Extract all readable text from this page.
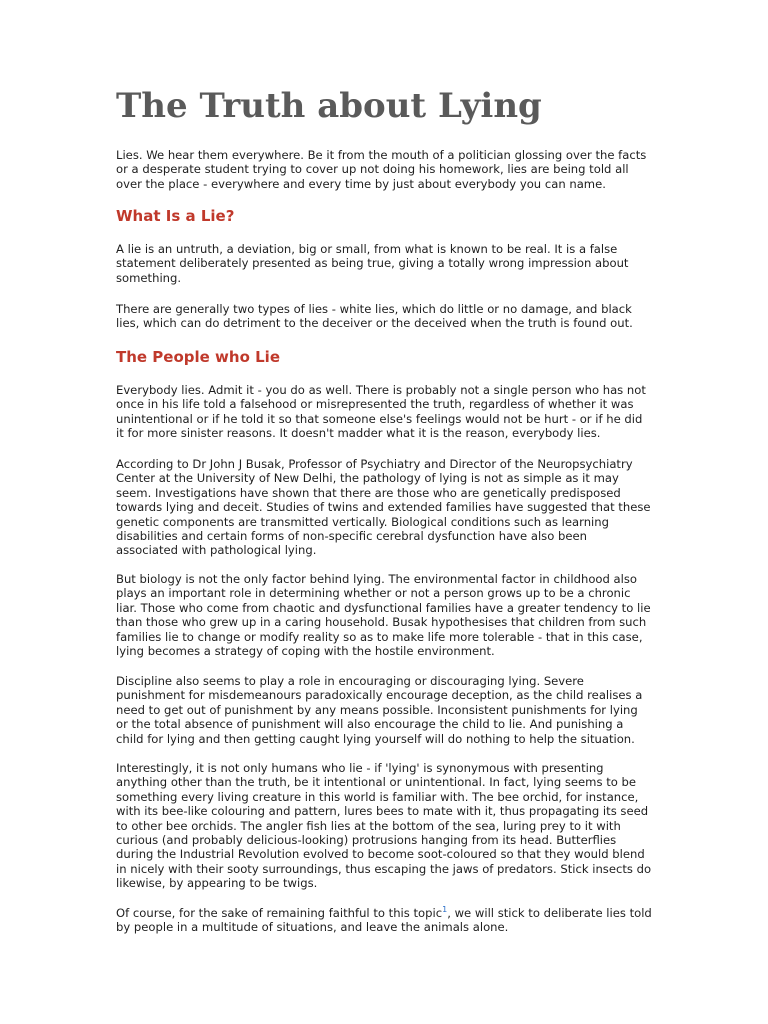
The Truth about Lying

Lies. We hear them everywhere. Be it from the mouth of a politician glossing over the facts or a desperate student trying to cover up not doing his homework, lies are being told all over the place - everywhere and every time by just about everybody you can name.

What Is a Lie?

A lie is an untruth, a deviation, big or small, from what is known to be real. It is a false statement deliberately presented as being true, giving a totally wrong impression about something.

There are generally two types of lies - white lies, which do little or no damage, and black lies, which can do detriment to the deceiver or the deceived when the truth is found out.

The People who Lie

Everybody lies. Admit it - you do as well. There is probably not a single person who has not once in his life told a falsehood or misrepresented the truth, regardless of whether it was unintentional or if he told it so that someone else's feelings would not be hurt - or if he did it for more sinister reasons. It doesn't madder what it is the reason, everybody lies.

According to Dr John J Busak, Professor of Psychiatry and Director of the Neuropsychiatry Center at the University of New Delhi, the pathology of lying is not as simple as it may seem. Investigations have shown that there are those who are genetically predisposed towards lying and deceit. Studies of twins and extended families have suggested that these genetic components are transmitted vertically. Biological conditions such as learning disabilities and certain forms of non-specific cerebral dysfunction have also been associated with pathological lying.

But biology is not the only factor behind lying. The environmental factor in childhood also plays an important role in determining whether or not a person grows up to be a chronic liar. Those who come from chaotic and dysfunctional families have a greater tendency to lie than those who grew up in a caring household. Busak hypothesises that children from such families lie to change or modify reality so as to make life more tolerable - that in this case, lying becomes a strategy of coping with the hostile environment.

Discipline also seems to play a role in encouraging or discouraging lying. Severe punishment for misdemeanours paradoxically encourage deception, as the child realises a need to get out of punishment by any means possible. Inconsistent punishments for lying or the total absence of punishment will also encourage the child to lie. And punishing a child for lying and then getting caught lying yourself will do nothing to help the situation.

Interestingly, it is not only humans who lie - if 'lying' is synonymous with presenting anything other than the truth, be it intentional or unintentional. In fact, lying seems to be something every living creature in this world is familiar with. The bee orchid, for instance, with its bee-like colouring and pattern, lures bees to mate with it, thus propagating its seed to other bee orchids. The angler fish lies at the bottom of the sea, luring prey to it with curious (and probably delicious-looking) protrusions hanging from its head. Butterflies during the Industrial Revolution evolved to become soot-coloured so that they would blend in nicely with their sooty surroundings, thus escaping the jaws of predators. Stick insects do likewise, by appearing to be twigs.

Of course, for the sake of remaining faithful to this topic$^1$, we will stick to deliberate lies told by people in a multitude of situations, and leave the animals alone.
